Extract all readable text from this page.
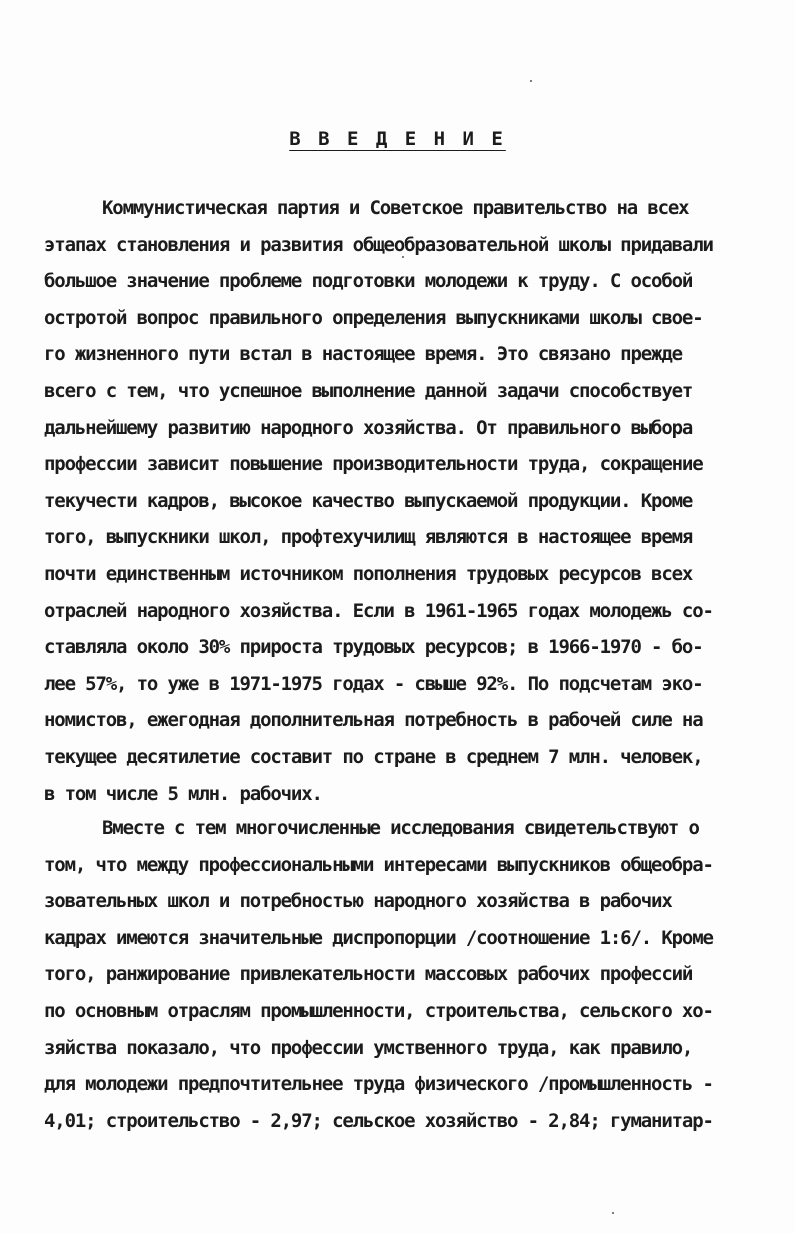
В В Е Д Е Н И Е
Коммунистическая партия и Советское правительство на всех
этапах становления и развития общеобразовательной школы придавали
большое значение проблеме подготовки молодежи к труду. С особой
остротой вопрос правильного определения выпускниками школы свое-
го жизненного пути встал в настоящее время. Это связано прежде
всего с тем, что успешное выполнение данной задачи способствует
дальнейшему развитию народного хозяйства. От правильного выбора
профессии зависит повышение производительности труда, сокращение
текучести кадров, высокое качество выпускаемой продукции. Кроме
того, выпускники школ, профтехучилищ являются в настоящее время
почти единственным источником пополнения трудовых ресурсов всех
отраслей народного хозяйства. Если в 1961-1965 годах молодежь со-
ставляла около 30% прироста трудовых ресурсов; в 1966-1970 - бо-
лее 57%, то уже в 1971-1975 годах - свыше 92%. По подсчетам эко-
номистов, ежегодная дополнительная потребность в рабочей силе на
текущее десятилетие составит по стране в среднем 7 млн. человек,
в том числе 5 млн. рабочих.
Вместе с тем многочисленные исследования свидетельствуют о
том, что между профессиональными интересами выпускников общеобра-
зовательных школ и потребностью народного хозяйства в рабочих
кадрах имеются значительные диспропорции /соотношение 1:6/. Кроме
того, ранжирование привлекательности массовых рабочих профессий
по основным отраслям промышленности, строительства, сельского хо-
зяйства показало, что профессии умственного труда, как правило,
для молодежи предпочтительнее труда физического /промышленность -
4,01; строительство - 2,97; сельское хозяйство - 2,84; гуманитар-
